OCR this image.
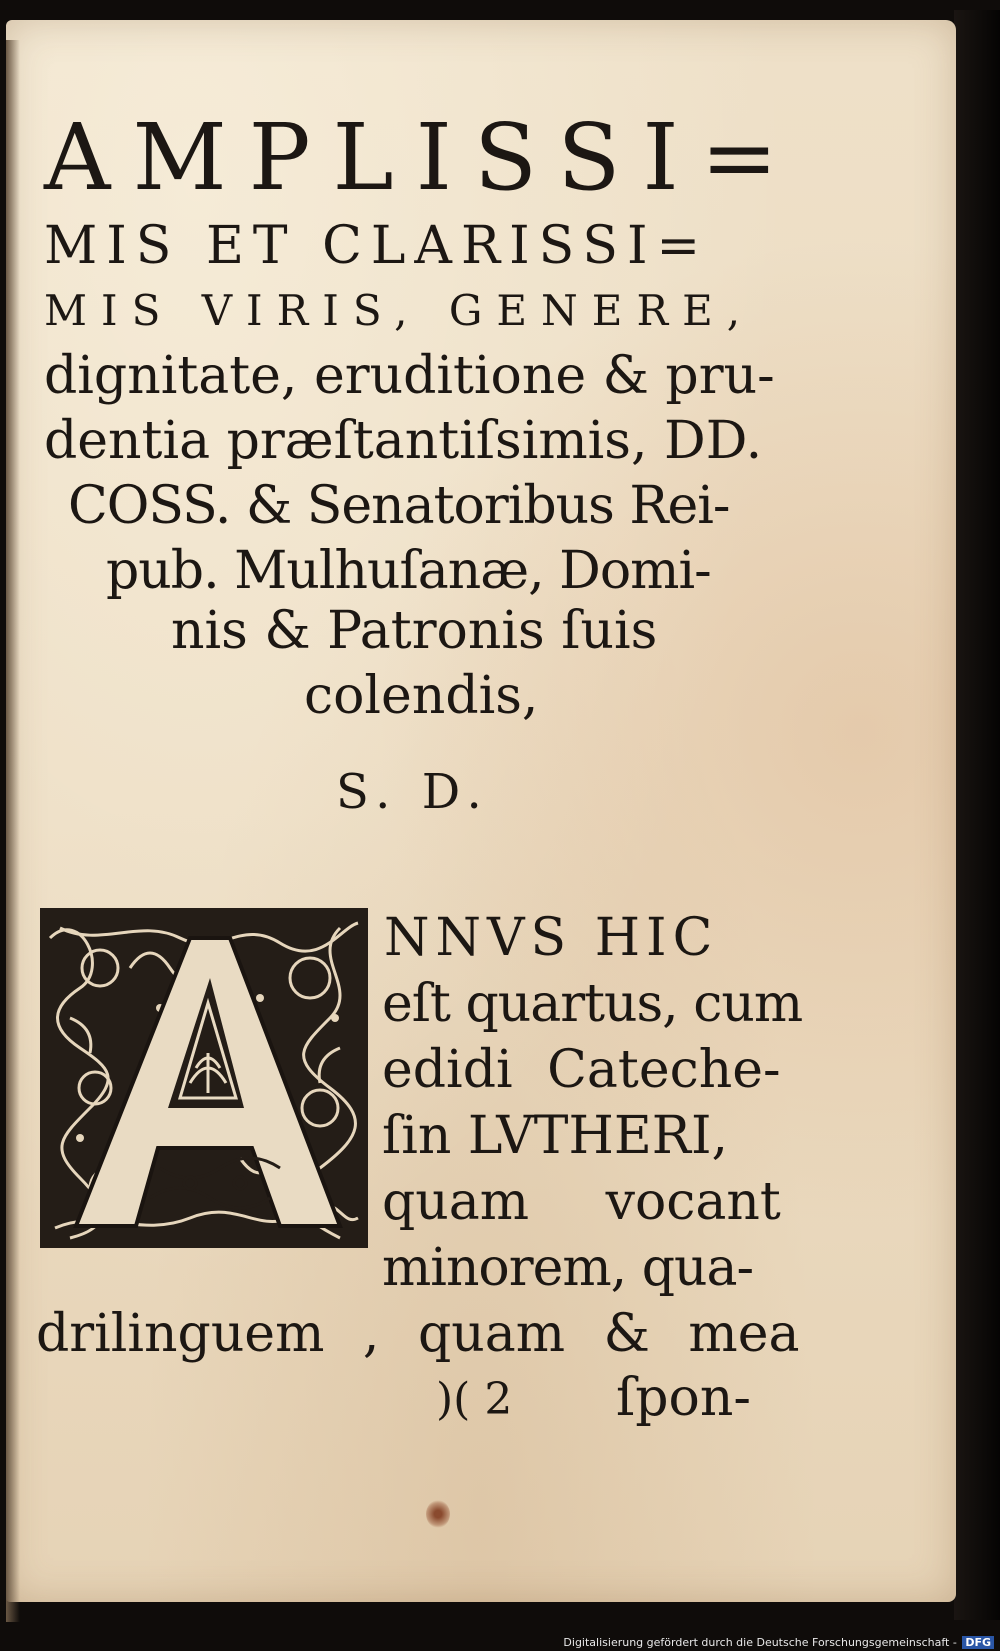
AMPLISSI=

MIS ET CLARISSI=

MIS VIRIS, GENERE,

dignitate, eruditione & pru-

dentia præſtantiſsimis, DD.

COSS. & Senatoribus Rei-

pub. Mulhuſanæ, Domi-

nis & Patronis ſuis

colendis,

S. D.

NNVS HIC

eſt quartus, cum

edidi Cateche-

ſin LVTHERI,

quam vocant

minorem, qua-

drilinguem , quam & mea

)( 2 ſpon-

Digitalisierung gefördert durch die Deutsche Forschungsgemeinschaft - DFG
